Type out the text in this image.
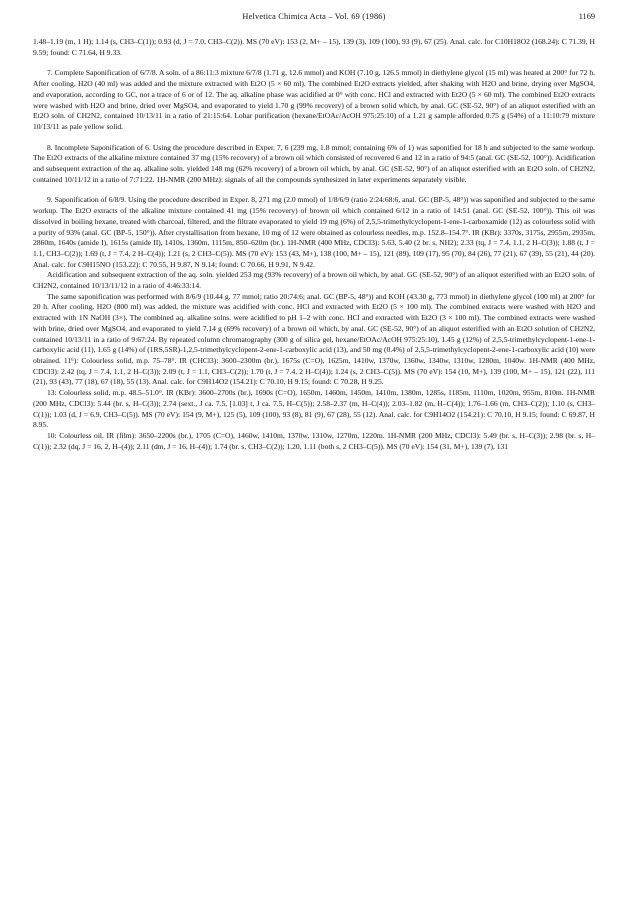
Helvetica Chimica Acta – Vol. 69 (1986)	1169

1.48–1.19 (m, 1 H); 1.14 (s, CH3–C(1)); 0.93 (d, J = 7.0, CH3–C(2)). MS (70 eV): 153 (2, M+ – 15), 139 (3), 109 (100), 93 (9), 67 (25). Anal. calc. for C10H18O2 (168.24): C 71.39, H 9.59; found: C 71.64, H 9.33.

7. Complete Saponification of 6/7/8. A soln. of a 86:11:3 mixture 6/7/8 (1.71 g, 12.6 mmol) and KOH (7.10 g, 126.5 mmol) in diethylene glycol (15 ml) was heated at 200° for 72 h. After cooling, H2O (40 ml) was added and the mixture extracted with Et2O (5 × 60 ml). The combined Et2O extracts yielded, after shaking with H2O and brine, drying over MgSO4, and evaporation, according to GC, not a trace of 6 or of 12. The aq. alkaline phase was acidified at 0° with conc. HCl and extracted with Et2O (5 × 60 ml). The combined Et2O extracts were washed with H2O and brine, dried over MgSO4, and evaporated to yield 1.70 g (99% recovery) of a brown solid which, by anal. GC (SE-52, 90°) of an aliquot esterified with an Et2O soln. of CH2N2, contained 10/13/11 in a ratio of 21:15:64. Lobar purification (hexane/EtOAc/AcOH 975:25:10) of a 1.21 g sample afforded 0.75 g (54%) of a 11:10:79 mixture 10/13/11 as pale yellow solid.

8. Incomplete Saponification of 6. Using the procedure described in Exper. 7, 6 (239 mg, 1.8 mmol; containing 6% of 1) was saponified for 18 h and subjected to the same workup. The Et2O extracts of the alkaline mixture contained 37 mg (15% recovery) of a brown oil which consisted of recovered 6 and 12 in a ratio of 94:5 (anal. GC (SE-52, 100°)). Acidification and subsequent extraction of the aq. alkaline soln. yielded 148 mg (62% recovery) of a brown oil which, by anal. GC (SE-52, 90°) of an aliquot esterified with an Et2O soln. of CH2N2, contained 10/11/12 in a ratio of 7:71:22. 1H-NMR (200 MHz): signals of all the compounds synthesized in later experiments separately visible.

9. Saponification of 6/8/9. Using the procedure described in Exper. 8, 271 mg (2.0 mmol) of 1/8/6/9 (ratio 2:24:68:6, anal. GC (BP-5, 48°)) was saponified and subjected to the same workup. The Et2O extracts of the alkaline mixture contained 41 mg (15% recovery) of brown oil which contained 6/12 in a ratio of 14:51 (anal. GC (SE-52, 100°)). This oil was dissolved in boiling hexane, treated with charcoal, filtered, and the filtrate evaporated to yield 19 mg (6%) of 2,5,5-trimethylcyclopent-1-ene-1-carboxamide (12) as colourless solid with a purity of 93% (anal. GC (BP-5, 150°)). After crystallisation from hexane, 10 mg of 12 were obtained as colourless needles, m.p. 152.8–154.7°. IR (KBr): 3370s, 3175s, 2955m, 2935m, 2860m, 1640s (amide I), 1615s (amide II), 1410s, 1360m, 1115m, 850–620m (br.). 1H-NMR (400 MHz, CDCl3): 5.63, 5.40 (2 br. s, NH2); 2.33 (tq, J = 7.4, 1.1, 2 H–C(3)); 1.88 (t, J = 1.1, CH3–C(2)); 1.69 (t, J = 7.4, 2 H–C(4)); 1.21 (s, 2 CH3–C(5)). MS (70 eV): 153 (43, M+), 138 (100, M+ – 15), 121 (89), 109 (17), 95 (70), 84 (26), 77 (21), 67 (39), 55 (21), 44 (20). Anal. calc. for C9H15NO (153.22): C 70.55, H 9.87, N 9.14; found: C 70.66, H 9.91, N 9.42.

Acidification and subsequent extraction of the aq. soln. yielded 253 mg (93% recovery) of a brown oil which, by anal. GC (SE-52, 90°) of an aliquot esterified with an Et2O soln. of CH2N2, contained 10/13/11/12 in a ratio of 4:46:33:14.

The same saponification was performed with 8/6/9 (10.44 g, 77 mmol; ratio 20:74:6; anal. GC (BP-5, 48°)) and KOH (43.30 g, 773 mmol) in diethylene glycol (100 ml) at 200° for 20 h. After cooling, H2O (800 ml) was added, the mixture was acidified with conc. HCl and extracted with Et2O (5 × 100 ml). The combined extracts were washed with H2O and extracted with 1N NaOH (3×). The combined aq. alkaline solns. were acidified to pH 1–2 with conc. HCl and extracted with Et2O (3 × 100 ml). The combined extracts were washed with brine, dried over MgSO4, and evaporated to yield 7.14 g (69% recovery) of a brown oil which, by anal. GC (SE-52, 90°) of an aliquot esterified with an Et2O solution of CH2N2, contained 10/13/11 in a ratio of 9:67:24. By repeated column chromatography (300 g of silica gel, hexane/EtOAc/AcOH 975:25:10), 1.45 g (12%) of 2,5,5-trimethylcyclopent-1-ene-1-carboxylic acid (11), 1.65 g (14%) of (1RS,5SR)-1,2,5-trimethylcyclopent-2-ene-1-carboxylic acid (13), and 50 mg (0.4%) of 2,5,5-trimethylcyclopent-2-ene-1-carboxylic acid (10) were obtained. 11⁶): Colourless solid, m.p. 75–78°. IR (CHCl3): 3600–2300m (br.), 1675s (C=O), 1625m, 1410w, 1370w, 1360w, 1340w, 1310w, 1280m, 1040w. 1H-NMR (400 MHz, CDCl3): 2.42 (tq, J = 7.4, 1.1, 2 H–C(3)); 2.09 (t, J = 1.1, CH3–C(2)); 1.70 (t, J = 7.4, 2 H–C(4)); 1.24 (s, 2 CH3–C(5)). MS (70 eV): 154 (10, M+), 139 (100, M+ – 15), 121 (22), 111 (21), 93 (43), 77 (18), 67 (18), 55 (13). Anal. calc. for C9H14O2 (154.21): C 70.10, H 9.15; found: C 70.28, H 9.25.

13: Colourless solid, m.p. 48.5–51.0°. IR (KBr): 3600–2700s (br.), 1690s (C=O), 1650m, 1460m, 1450m, 1410m, 1380m, 1285s, 1185m, 1110m, 1020m, 955m, 810m. 1H-NMR (200 MHz, CDCl3): 5.44 (br. s, H–C(3)); 2.74 (sext., J ca. 7.5, [1.03] t, J ca. 7.5, H–C(5)); 2.58–2.37 (m, H–C(4)); 2.03–1.82 (m, H–C(4)); 1.76–1.66 (m, CH3–C(2)); 1.10 (s, CH3–C(1)); 1.03 (d, J = 6.9, CH3–C(5)). MS (70 eV): 154 (9, M+), 125 (5), 109 (100), 93 (8), 81 (9), 67 (28), 55 (12). Anal. calc. for C9H14O2 (154.21): C 70.10, H 9.15; found: C 69.87, H 8.95.

10: Colourless oil. IR (film): 3650–2200s (br.), 1705 (C=O), 1460w, 1410m, 1370w, 1310w, 1270m, 1220m. 1H-NMR (200 MHz, CDCl3): 5.49 (br. s, H–C(3)); 2.98 (br. s, H–C(1)); 2.32 (dq, J = 16, 2, H–(4)); 2.11 (dm, J = 16, H–(4)); 1.74 (br. s, CH3–C(2)); 1.20, 1.11 (both s, 2 CH3–C(5)). MS (70 eV): 154 (31, M+), 139 (7), 131
